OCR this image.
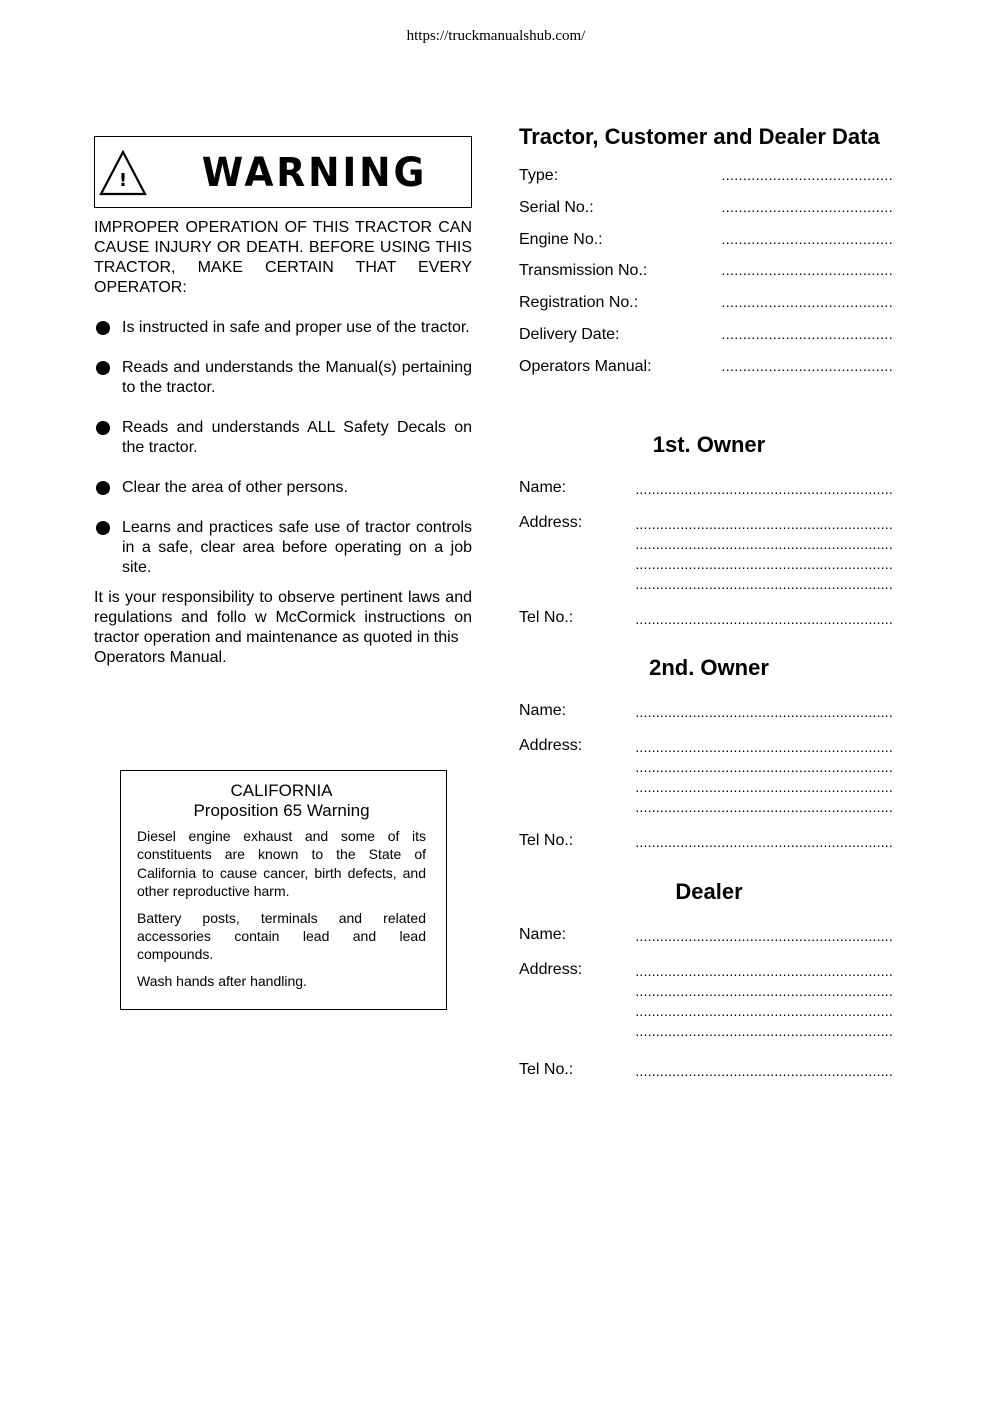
https://truckmanualshub.com/
! WARNING

IMPROPER OPERATION OF THIS TRACTOR CAN CAUSE INJURY OR DEATH. BEFORE USING THIS TRACTOR, MAKE CERTAIN THAT EVERY OPERATOR:

Is instructed in safe and proper use of the tractor.
Reads and understands the Manual(s) pertaining to the tractor.
Reads and understands ALL Safety Decals on the tractor.
Clear the area of other persons.
Learns and practices safe use of tractor controls in a safe, clear area before operating on a job site.

It is your responsibility to observe pertinent laws and regulations and follo w McCormick instructions on tractor operation and maintenance as quoted in this

Operators Manual.
CALIFORNIA
Proposition 65 Warning

Diesel engine exhaust and some of its constituents are known to the State of California to cause cancer, birth defects, and other reproductive harm.

Battery posts, terminals and related accessories contain lead and lead compounds.

Wash hands after handling.

Tractor, Customer and Dealer Data
Type:	........................................
Serial No.:	........................................
Engine No.:	........................................
Transmission No.:	........................................
Registration No.:	........................................
Delivery Date:	........................................
Operators Manual:	........................................
1st. Owner
Name:	...............................................................
Address:	...............................................................
...............................................................
...............................................................
...............................................................
Tel No.:	...............................................................
2nd. Owner
Name:	...............................................................
Address:	...............................................................
...............................................................
...............................................................
...............................................................
Tel No.:	...............................................................
Dealer
Name:	...............................................................
Address:	...............................................................
...............................................................
...............................................................
...............................................................
Tel No.:	...............................................................
